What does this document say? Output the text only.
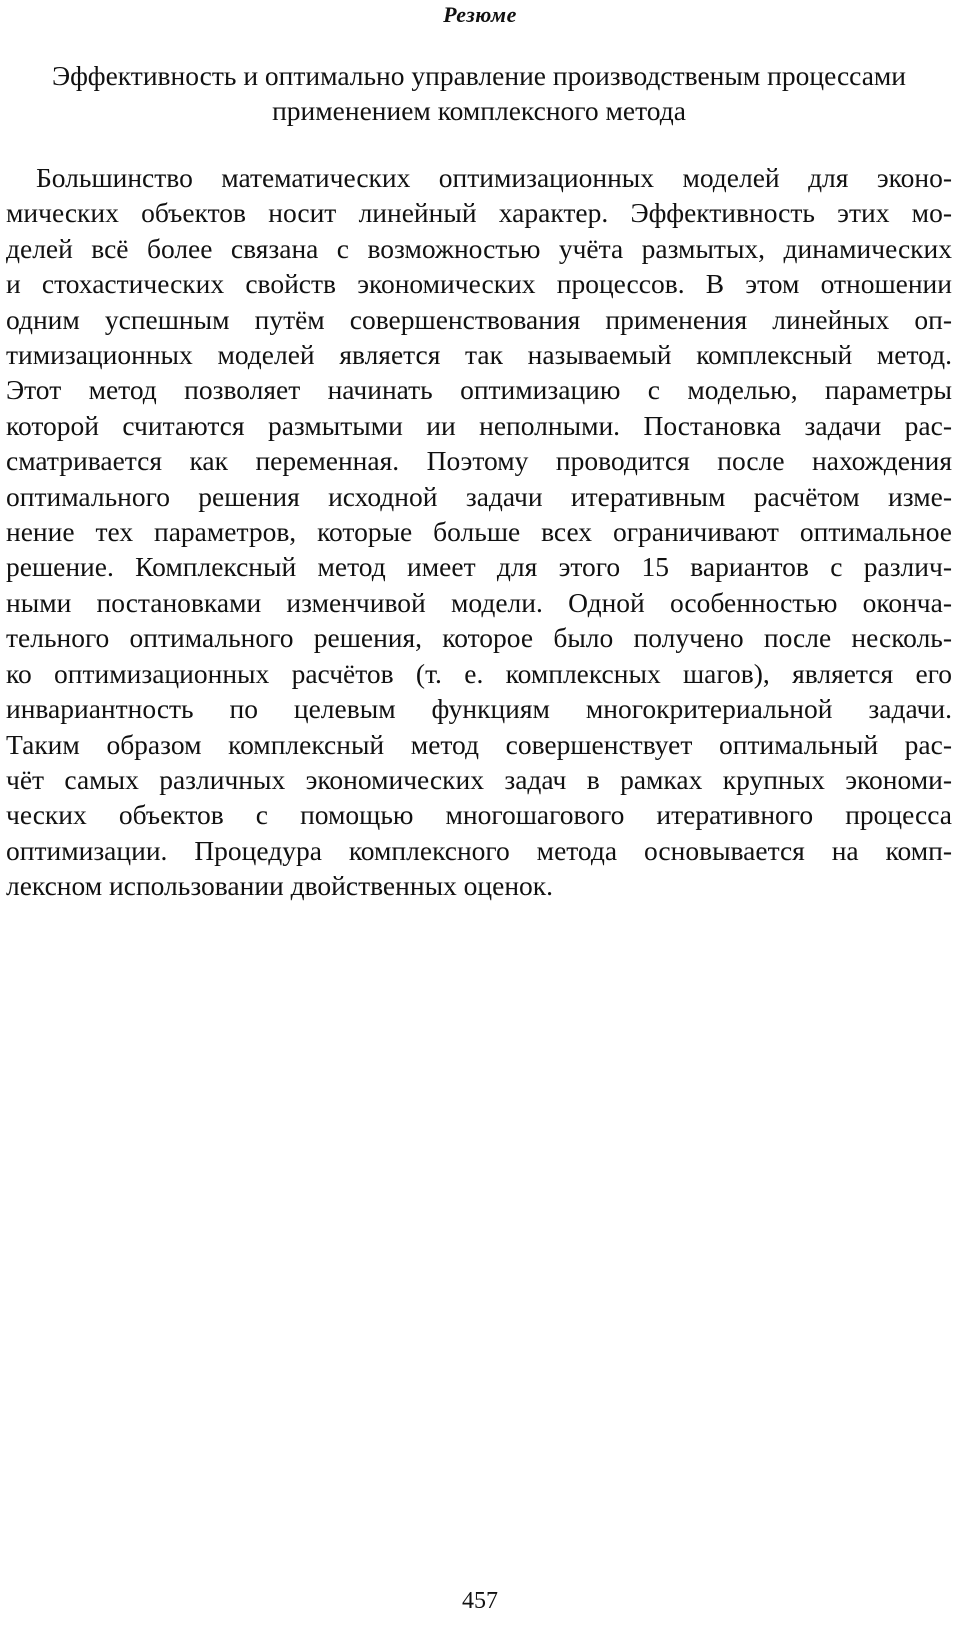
Резюме
Эффективность и оптимально управление производственым процессами
применением комплексного метода
Большинство математических оптимизационных моделей для эконо-
мических объектов носит линейный характер. Эффективность этих мо-
делей всё более связана с возможностью учёта размытых, динамических
и стохастических свойств экономических процессов. В этом отношении
одним успешным путём совершенствования применения линейных оп-
тимизационных моделей является так называемый комплексный метод.
Этот метод позволяет начинать оптимизацию с моделью, параметры
которой считаются размытыми ии неполными. Постановка задачи рас-
сматривается как переменная. Поэтому проводится после нахождения
оптимального решения исходной задачи итеративным расчётом изме-
нение тех параметров, которые больше всех ограничивают оптимальное
решение. Комплексный метод имеет для этого 15 вариантов с различ-
ными постановками изменчивой модели. Одной особенностью оконча-
тельного оптимального решения, которое было получено после несколь-
ко оптимизационных расчётов (т. е. комплексных шагов), является его
инвариантность по целевым функциям многокритериальной задачи.
Таким образом комплексный метод совершенствует оптимальный рас-
чёт самых различных экономических задач в рамках крупных экономи-
ческих объектов с помощью многошагового итеративного процесса
оптимизации. Процедура комплексного метода основывается на комп-
лексном использовании двойственных оценок.
457
